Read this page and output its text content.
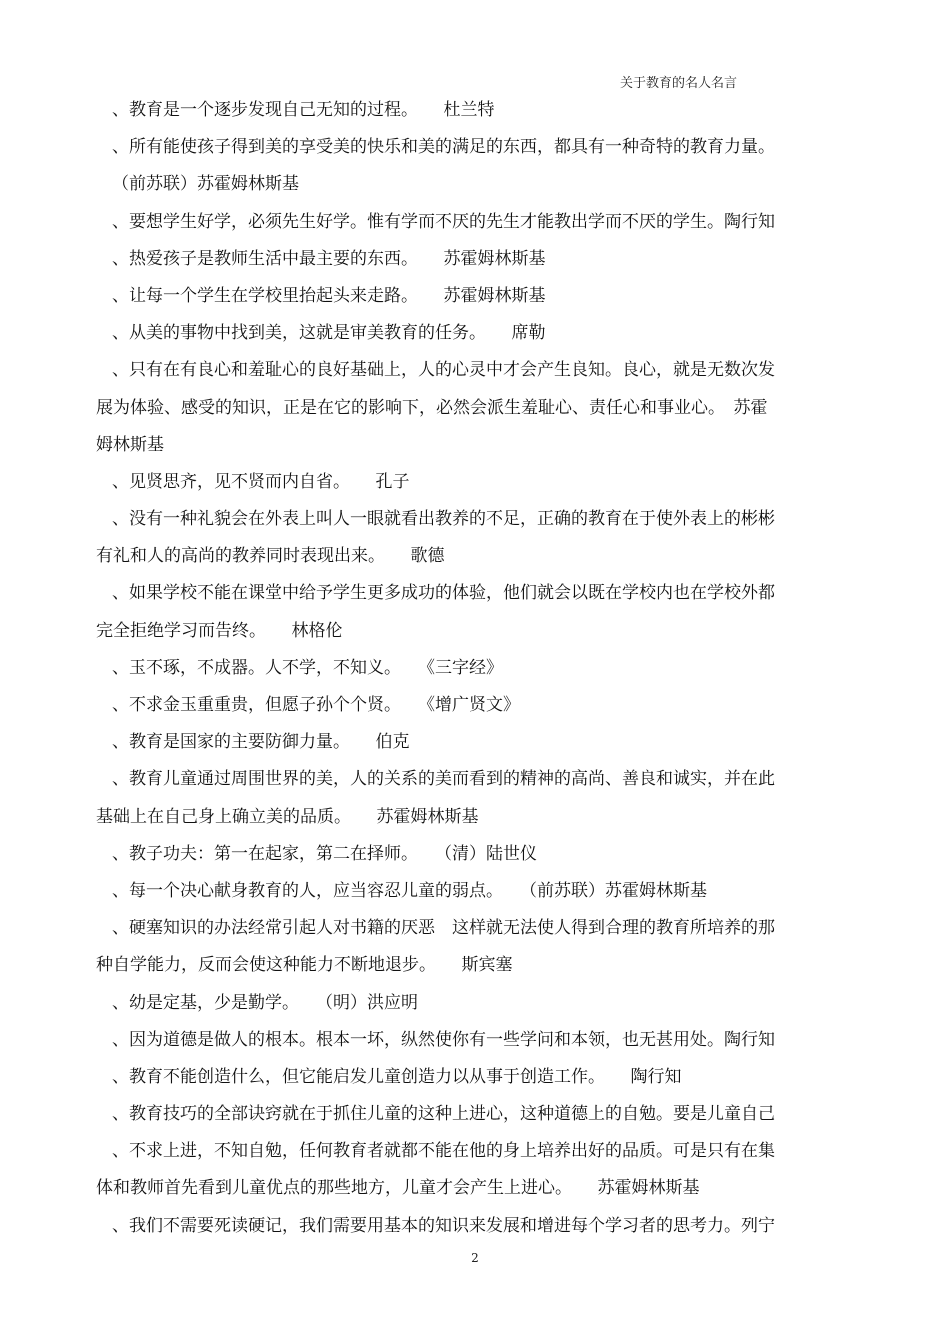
关于教育的名人名言
、教育是一个逐步发现自己无知的过程。　　杜兰特
、所有能使孩子得到美的享受美的快乐和美的满足的东西，都具有一种奇特的教育力量。
（前苏联）苏霍姆林斯基
、要想学生好学，必须先生好学。惟有学而不厌的先生才能教出学而不厌的学生。陶行知
、热爱孩子是教师生活中最主要的东西。　　苏霍姆林斯基
、让每一个学生在学校里抬起头来走路。　　苏霍姆林斯基
、从美的事物中找到美，这就是审美教育的任务。　　席勒
、只有在有良心和羞耻心的良好基础上，人的心灵中才会产生良知。良心，就是无数次发
展为体验、感受的知识，正是在它的影响下，必然会派生羞耻心、责任心和事业心。　苏霍
姆林斯基
、见贤思齐，见不贤而内自省。　　孔子
、没有一种礼貌会在外表上叫人一眼就看出教养的不足，正确的教育在于使外表上的彬彬
有礼和人的高尚的教养同时表现出来。　　歌德
、如果学校不能在课堂中给予学生更多成功的体验，他们就会以既在学校内也在学校外都
完全拒绝学习而告终。　　林格伦
、玉不琢，不成器。人不学，不知义。　　《三字经》
、不求金玉重重贵，但愿子孙个个贤。　　《增广贤文》
、教育是国家的主要防御力量。　　伯克
、教育儿童通过周围世界的美，人的关系的美而看到的精神的高尚、善良和诚实，并在此
基础上在自己身上确立美的品质。　　苏霍姆林斯基
、教子功夫：第一在起家，第二在择师。　　（清）陆世仪
、每一个决心献身教育的人，应当容忍儿童的弱点。　　（前苏联）苏霍姆林斯基
、硬塞知识的办法经常引起人对书籍的厌恶　这样就无法使人得到合理的教育所培养的那
种自学能力，反而会使这种能力不断地退步。　　斯宾塞
、幼是定基，少是勤学。　　（明）洪应明
、因为道德是做人的根本。根本一坏，纵然使你有一些学问和本领，也无甚用处。陶行知
、教育不能创造什么，但它能启发儿童创造力以从事于创造工作。　　陶行知
、教育技巧的全部诀窍就在于抓住儿童的这种上进心，这种道德上的自勉。要是儿童自己
、不求上进，不知自勉，任何教育者就都不能在他的身上培养出好的品质。可是只有在集
体和教师首先看到儿童优点的那些地方，儿童才会产生上进心。　　苏霍姆林斯基
、我们不需要死读硬记，我们需要用基本的知识来发展和增进每个学习者的思考力。列宁
2
